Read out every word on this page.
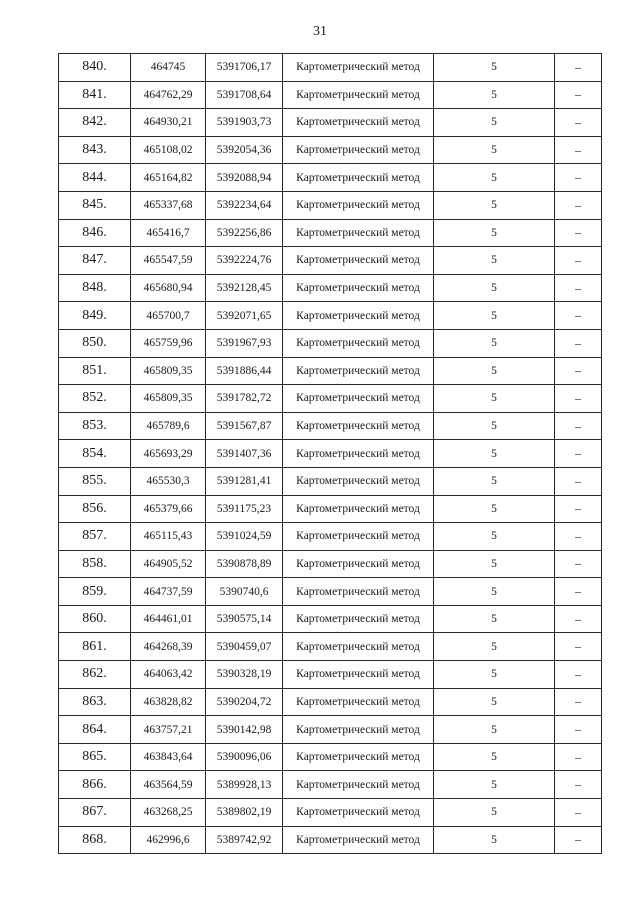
31
840.	464745	5391706,17	Картометрический метод	5	–
841.	464762,29	5391708,64	Картометрический метод	5	–
842.	464930,21	5391903,73	Картометрический метод	5	–
843.	465108,02	5392054,36	Картометрический метод	5	–
844.	465164,82	5392088,94	Картометрический метод	5	–
845.	465337,68	5392234,64	Картометрический метод	5	–
846.	465416,7	5392256,86	Картометрический метод	5	–
847.	465547,59	5392224,76	Картометрический метод	5	–
848.	465680,94	5392128,45	Картометрический метод	5	–
849.	465700,7	5392071,65	Картометрический метод	5	–
850.	465759,96	5391967,93	Картометрический метод	5	–
851.	465809,35	5391886,44	Картометрический метод	5	–
852.	465809,35	5391782,72	Картометрический метод	5	–
853.	465789,6	5391567,87	Картометрический метод	5	–
854.	465693,29	5391407,36	Картометрический метод	5	–
855.	465530,3	5391281,41	Картометрический метод	5	–
856.	465379,66	5391175,23	Картометрический метод	5	–
857.	465115,43	5391024,59	Картометрический метод	5	–
858.	464905,52	5390878,89	Картометрический метод	5	–
859.	464737,59	5390740,6	Картометрический метод	5	–
860.	464461,01	5390575,14	Картометрический метод	5	–
861.	464268,39	5390459,07	Картометрический метод	5	–
862.	464063,42	5390328,19	Картометрический метод	5	–
863.	463828,82	5390204,72	Картометрический метод	5	–
864.	463757,21	5390142,98	Картометрический метод	5	–
865.	463843,64	5390096,06	Картометрический метод	5	–
866.	463564,59	5389928,13	Картометрический метод	5	–
867.	463268,25	5389802,19	Картометрический метод	5	–
868.	462996,6	5389742,92	Картометрический метод	5	–
